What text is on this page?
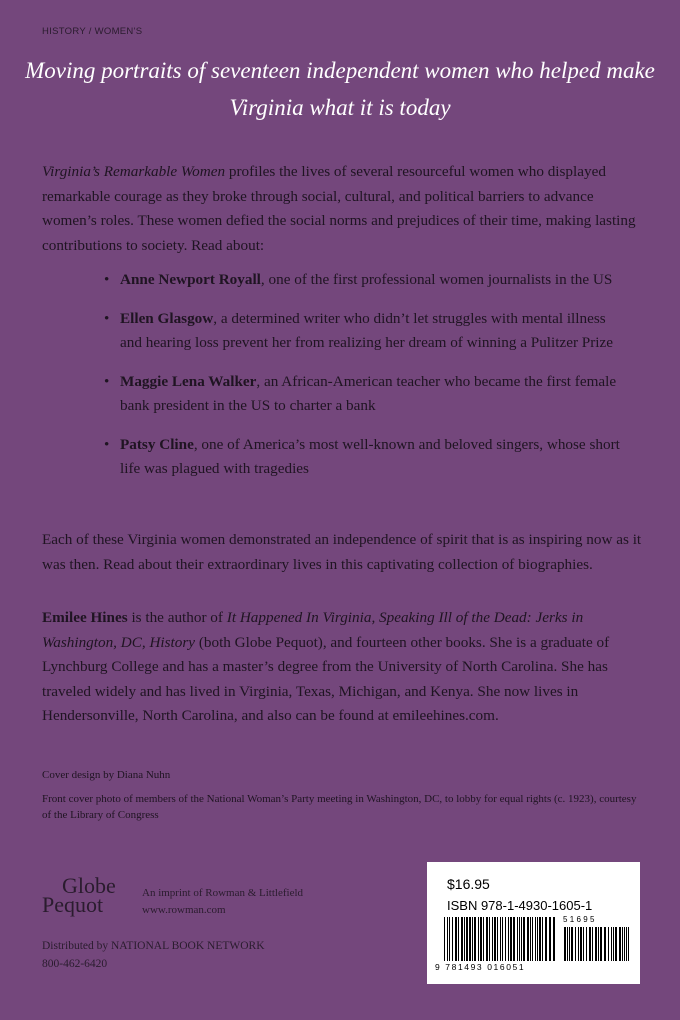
HISTORY / WOMEN'S
Moving portraits of seventeen independent women who helped make Virginia what it is today

Virginia’s Remarkable Women profiles the lives of several resourceful women who displayed remarkable courage as they broke through social, cultural, and political barriers to advance women’s roles. These women defied the social norms and prejudices of their time, making lasting contributions to society. Read about:

• Anne Newport Royall, one of the first professional women journalists in the US
• Ellen Glasgow, a determined writer who didn’t let struggles with mental illness and hearing loss prevent her from realizing her dream of winning a Pulitzer Prize
• Maggie Lena Walker, an African-American teacher who became the first female bank president in the US to charter a bank
• Patsy Cline, one of America’s most well-known and beloved singers, whose short life was plagued with tragedies

Each of these Virginia women demonstrated an independence of spirit that is as inspiring now as it was then. Read about their extraordinary lives in this captivating collection of biographies.

Emilee Hines is the author of It Happened In Virginia, Speaking Ill of the Dead: Jerks in Washington, DC, History (both Globe Pequot), and fourteen other books. She is a graduate of Lynchburg College and has a master’s degree from the University of North Carolina. She has traveled widely and has lived in Virginia, Texas, Michigan, and Kenya. She now lives in Hendersonville, North Carolina, and also can be found at emileehines.com.

Cover design by Diana Nuhn
Front cover photo of members of the National Woman’s Party meeting in Washington, DC, to lobby for equal rights (c. 1923), courtesy of the Library of Congress
Globe
Pequot	An imprint of Rowman & Littlefield
www.rowman.com
Distributed by NATIONAL BOOK NETWORK
800-462-6420
$16.95
ISBN 978-1-4930-1605-1
51695
9 781493 016051
